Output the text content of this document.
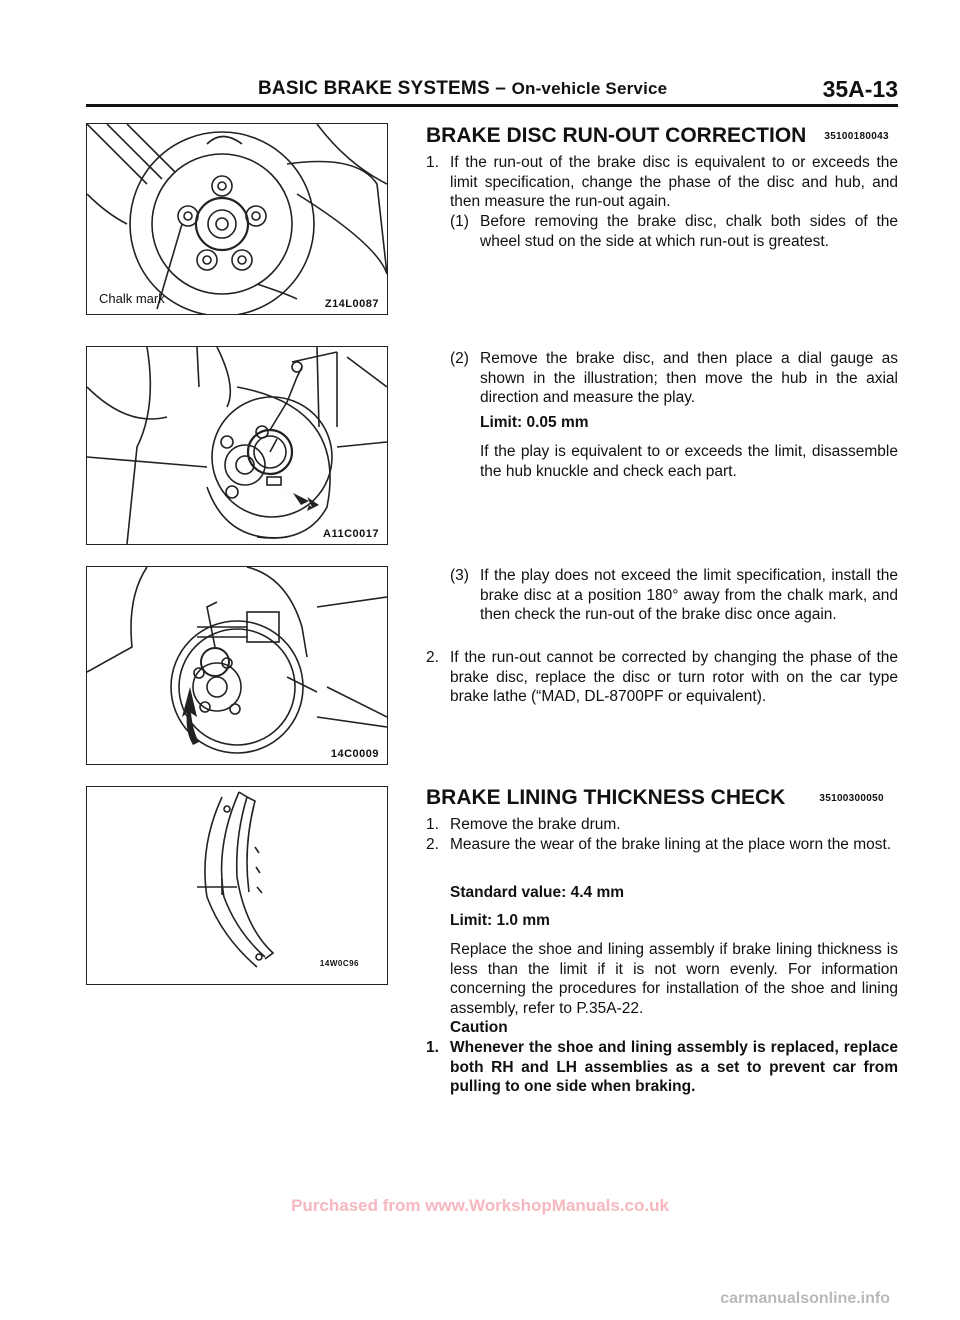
BASIC BRAKE SYSTEMS – On-vehicle Service	35A-13
Chalk mark	Z14L0087
A11C0017
14C0009
14W0C96
BRAKE DISC RUN-OUT CORRECTION 35100180043
1. If the run-out of the brake disc is equivalent to or exceeds the limit specification, change the phase of the disc and hub, and then measure the run-out again.
(1) Before removing the brake disc, chalk both sides of the wheel stud on the side at which run-out is greatest.
(2) Remove the brake disc, and then place a dial gauge as shown in the illustration; then move the hub in the axial direction and measure the play.
Limit: 0.05 mm
If the play is equivalent to or exceeds the limit, disassemble the hub knuckle and check each part.
(3) If the play does not exceed the limit specification, install the brake disc at a position 180° away from the chalk mark, and then check the run-out of the brake disc once again.
2. If the run-out cannot be corrected by changing the phase of the brake disc, replace the disc or turn rotor with on the car type brake lathe (“MAD, DL-8700PF or equivalent).
BRAKE LINING THICKNESS CHECK	35100300050
1. Remove the brake drum.
2. Measure the wear of the brake lining at the place worn the most.
Standard value: 4.4 mm
Limit: 1.0 mm
Replace the shoe and lining assembly if brake lining thickness is less than the limit if it is not worn evenly. For information concerning the procedures for installation of the shoe and lining assembly, refer to P.35A-22.
Caution
1. Whenever the shoe and lining assembly is replaced, replace both RH and LH assemblies as a set to prevent car from pulling to one side when braking.
Purchased from www.WorkshopManuals.co.uk
carmanualsonline.info
